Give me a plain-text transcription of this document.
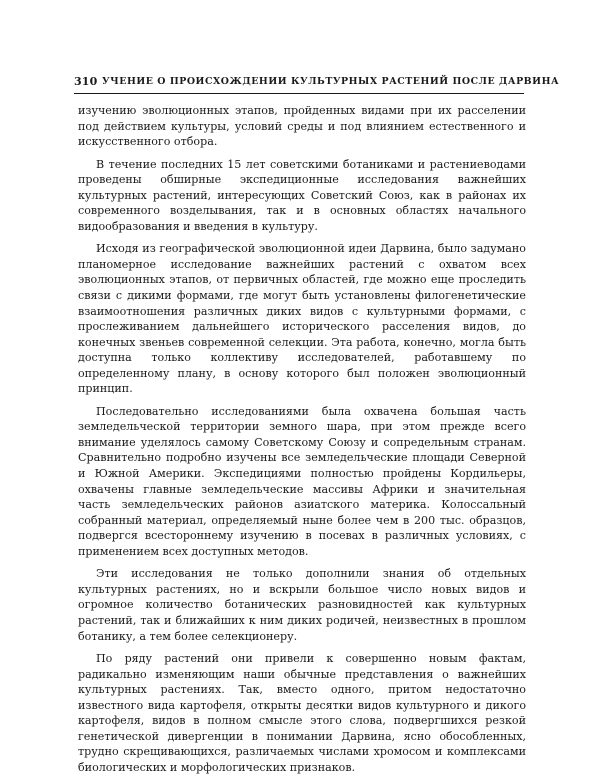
310 УЧЕНИЕ О ПРОИСХОЖДЕНИИ КУЛЬТУРНЫХ РАСТЕНИЙ ПОСЛЕ ДАРВИНА

изучению эволюционных этапов, пройденных видами при их расселении под действием культуры, условий среды и под влиянием естественного и искусственного отбора.

В течение последних 15 лет советскими ботаниками и растениеводами проведены обширные экспедиционные исследования важнейших культурных растений, интересующих Советский Союз, как в районах их современного возделывания, так и в основных областях начального видообразования и введения в культуру.

Исходя из географической эволюционной идеи Дарвина, было задумано планомерное исследование важнейших растений с охватом всех эволюционных этапов, от первичных областей, где можно еще проследить связи с дикими формами, где могут быть установлены филогенетические взаимоотношения различных диких видов с культурными формами, с прослеживанием дальнейшего исторического расселения видов, до конечных звеньев современной селекции. Эта работа, конечно, могла быть доступна только коллективу исследователей, работавшему по определенному плану, в основу которого был положен эволюционный принцип.

Последовательно исследованиями была охвачена большая часть земледельческой территории земного шара, при этом прежде всего внимание уделялось самому Советскому Союзу и сопредельным странам. Сравнительно подробно изучены все земледельческие площади Северной и Южной Америки. Экспедициями полностью пройдены Кордильеры, охвачены главные земледельческие массивы Африки и значительная часть земледельческих районов азиатского материка. Колоссальный собранный материал, определяемый ныне более чем в 200 тыс. образцов, подвергся всестороннему изучению в посевах в различных условиях, с применением всех доступных методов.

Эти исследования не только дополнили знания об отдельных культурных растениях, но и вскрыли большое число новых видов и огромное количество ботанических разновидностей как культурных растений, так и ближайших к ним диких родичей, неизвестных в прошлом ботанику, а тем более селекционеру.

По ряду растений они привели к совершенно новым фактам, радикально изменяющим наши обычные представления о важнейших культурных растениях. Так, вместо одного, притом недостаточно известного вида картофеля, открыты десятки видов культурного и дикого картофеля, видов в полном смысле этого слова, подвергшихся резкой генетической дивергенции в понимании Дарвина, ясно обособленных, трудно скрещивающихся, различаемых числами хромосом и комплексами биологических и морфологических признаков.
